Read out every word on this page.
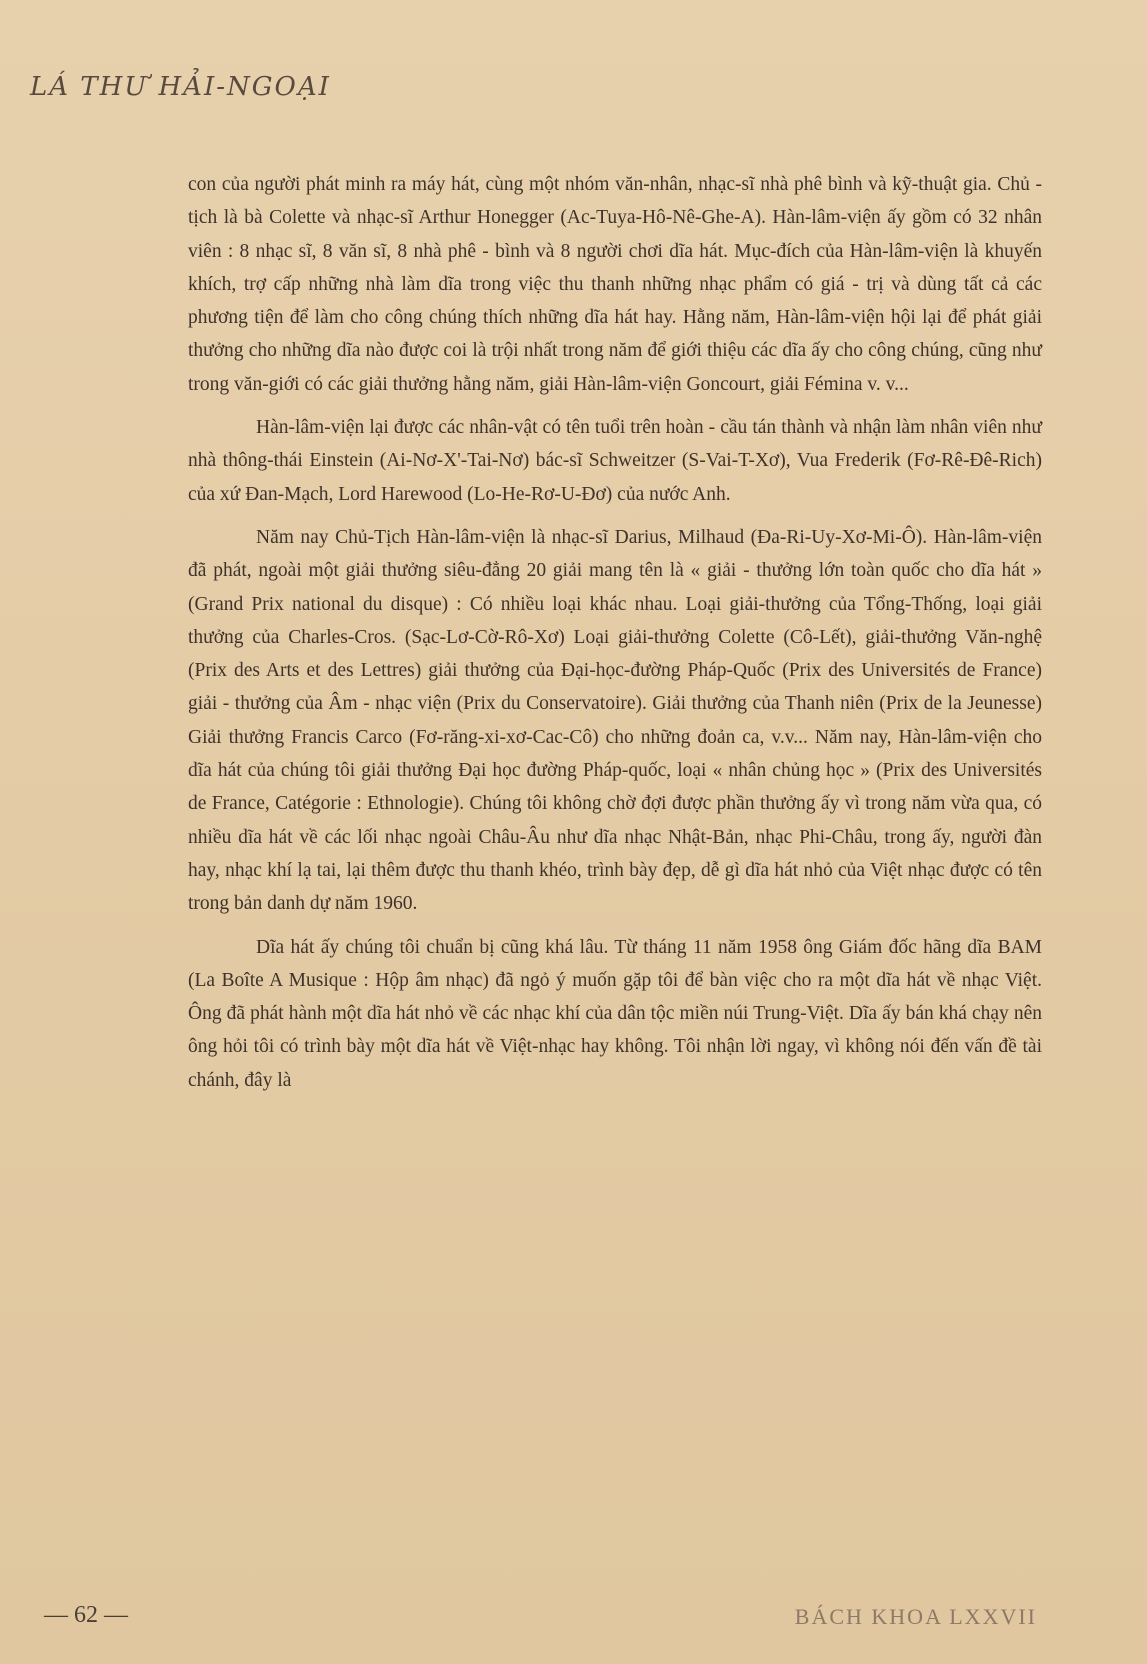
LÁ THƯ HẢI-NGOẠI

con của người phát minh ra máy hát, cùng một nhóm văn-nhân, nhạc-sĩ nhà phê bình và kỹ-thuật gia. Chủ - tịch là bà Colette và nhạc-sĩ Arthur Honegger (Ac-Tuya-Hô-Nê-Ghe-A). Hàn-lâm-viện ấy gồm có 32 nhân viên : 8 nhạc sĩ, 8 văn sĩ, 8 nhà phê - bình và 8 người chơi dĩa hát. Mục-đích của Hàn-lâm-viện là khuyến khích, trợ cấp những nhà làm dĩa trong việc thu thanh những nhạc phẩm có giá - trị và dùng tất cả các phương tiện để làm cho công chúng thích những dĩa hát hay. Hằng năm, Hàn-lâm-viện hội lại để phát giải thưởng cho những dĩa nào được coi là trội nhất trong năm để giới thiệu các dĩa ấy cho công chúng, cũng như trong văn-giới có các giải thưởng hằng năm, giải Hàn-lâm-viện Goncourt, giải Fémina v. v...

Hàn-lâm-viện lại được các nhân-vật có tên tuổi trên hoàn - cầu tán thành và nhận làm nhân viên như nhà thông-thái Einstein (Ai-Nơ-X'-Tai-Nơ) bác-sĩ Schweitzer (S-Vai-T-Xơ), Vua Frederik (Fơ-Rê-Đê-Rich) của xứ Đan-Mạch, Lord Harewood (Lo-He-Rơ-U-Đơ) của nước Anh.

Năm nay Chủ-Tịch Hàn-lâm-viện là nhạc-sĩ Darius, Milhaud (Đa-Ri-Uy-Xơ-Mi-Ô). Hàn-lâm-viện đã phát, ngoài một giải thưởng siêu-đẳng 20 giải mang tên là « giải - thưởng lớn toàn quốc cho dĩa hát » (Grand Prix national du disque) : Có nhiều loại khác nhau. Loại giải-thưởng của Tổng-Thống, loại giải thưởng của Charles-Cros. (Sạc-Lơ-Cờ-Rô-Xơ) Loại giải-thưởng Colette (Cô-Lết), giải-thưởng Văn-nghệ (Prix des Arts et des Lettres) giải thưởng của Đại-học-đường Pháp-Quốc (Prix des Universités de France) giải - thưởng của Âm - nhạc viện (Prix du Conservatoire). Giải thưởng của Thanh niên (Prix de la Jeunesse) Giải thưởng Francis Carco (Fơ-răng-xi-xơ-Cac-Cô) cho những đoản ca, v.v... Năm nay, Hàn-lâm-viện cho dĩa hát của chúng tôi giải thưởng Đại học đường Pháp-quốc, loại « nhân chủng học » (Prix des Universités de France, Catégorie : Ethnologie). Chúng tôi không chờ đợi được phần thưởng ấy vì trong năm vừa qua, có nhiều dĩa hát về các lối nhạc ngoài Châu-Âu như dĩa nhạc Nhật-Bản, nhạc Phi-Châu, trong ấy, người đàn hay, nhạc khí lạ tai, lại thêm được thu thanh khéo, trình bày đẹp, dễ gì dĩa hát nhỏ của Việt nhạc được có tên trong bản danh dự năm 1960.

Dĩa hát ấy chúng tôi chuẩn bị cũng khá lâu. Từ tháng 11 năm 1958 ông Giám đốc hãng dĩa BAM (La Boîte A Musique : Hộp âm nhạc) đã ngỏ ý muốn gặp tôi để bàn việc cho ra một dĩa hát về nhạc Việt. Ông đã phát hành một dĩa hát nhỏ về các nhạc khí của dân tộc miền núi Trung-Việt. Dĩa ấy bán khá chạy nên ông hỏi tôi có trình bày một dĩa hát về Việt-nhạc hay không. Tôi nhận lời ngay, vì không nói đến vấn đề tài chánh, đây là

— 62 —	BÁCH KHOA LXXVII
